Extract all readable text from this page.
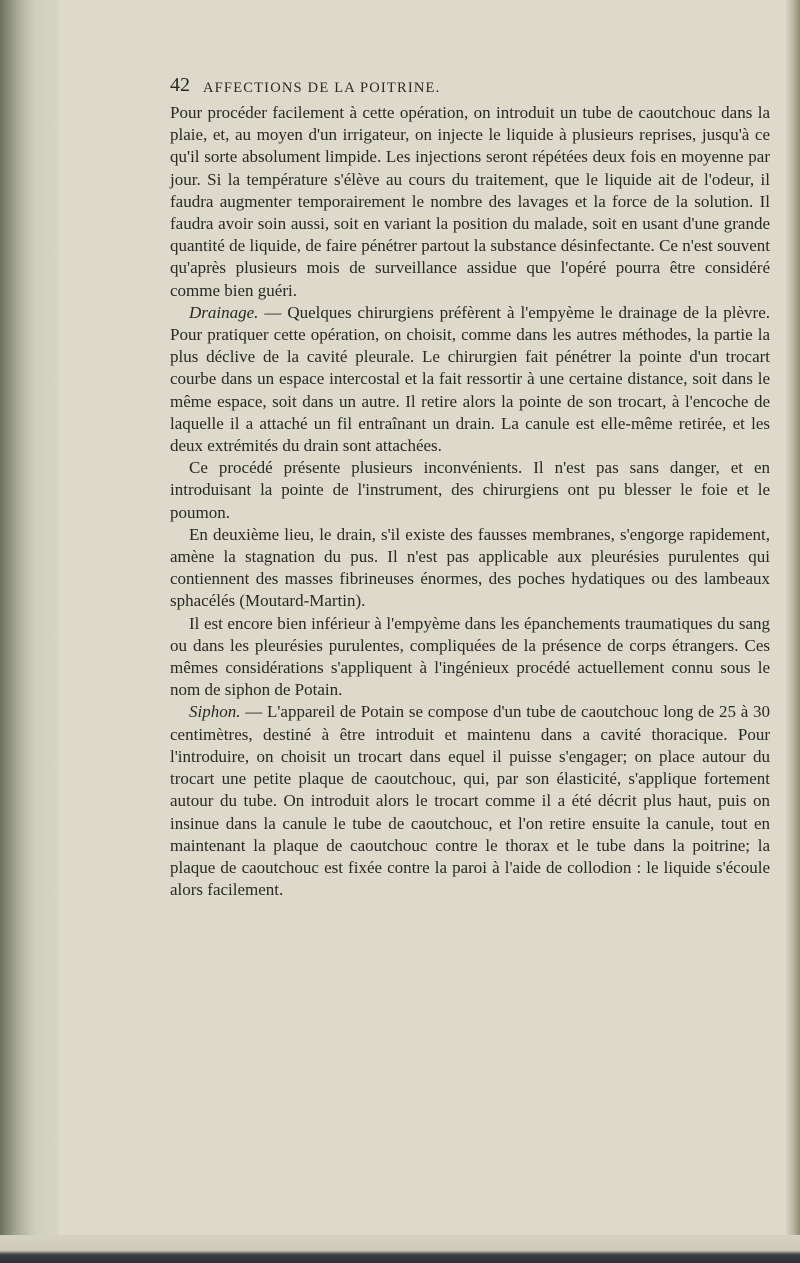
42 AFFECTIONS DE LA POITRINE.

Pour procéder facilement à cette opération, on introduit un tube de caoutchouc dans la plaie, et, au moyen d'un irrigateur, on injecte le liquide à plusieurs reprises, jusqu'à ce qu'il sorte absolument limpide. Les injections seront répétées deux fois en moyenne par jour. Si la température s'élève au cours du traitement, que le liquide ait de l'odeur, il faudra augmenter temporairement le nombre des lavages et la force de la solution. Il faudra avoir soin aussi, soit en variant la position du malade, soit en usant d'une grande quantité de liquide, de faire pénétrer partout la substance désinfectante. Ce n'est souvent qu'après plusieurs mois de surveillance assidue que l'opéré pourra être considéré comme bien guéri.

Drainage. — Quelques chirurgiens préfèrent à l'empyème le drainage de la plèvre. Pour pratiquer cette opération, on choisit, comme dans les autres méthodes, la partie la plus déclive de la cavité pleurale. Le chirurgien fait pénétrer la pointe d'un trocart courbe dans un espace intercostal et la fait ressortir à une certaine distance, soit dans le même espace, soit dans un autre. Il retire alors la pointe de son trocart, à l'encoche de laquelle il a attaché un fil entraînant un drain. La canule est elle-même retirée, et les deux extrémités du drain sont attachées.

Ce procédé présente plusieurs inconvénients. Il n'est pas sans danger, et en introduisant la pointe de l'instrument, des chirurgiens ont pu blesser le foie et le poumon.

En deuxième lieu, le drain, s'il existe des fausses membranes, s'engorge rapidement, amène la stagnation du pus. Il n'est pas applicable aux pleurésies purulentes qui contiennent des masses fibrineuses énormes, des poches hydatiques ou des lambeaux sphacélés (Moutard-Martin).

Il est encore bien inférieur à l'empyème dans les épanchements traumatiques du sang ou dans les pleurésies purulentes, compliquées de la présence de corps étrangers. Ces mêmes considérations s'appliquent à l'ingénieux procédé actuellement connu sous le nom de siphon de Potain.

Siphon. — L'appareil de Potain se compose d'un tube de caoutchouc long de 25 à 30 centimètres, destiné à être introduit et maintenu dans a cavité thoracique. Pour l'introduire, on choisit un trocart dans equel il puisse s'engager; on place autour du trocart une petite plaque de caoutchouc, qui, par son élasticité, s'applique fortement autour du tube. On introduit alors le trocart comme il a été décrit plus haut, puis on insinue dans la canule le tube de caoutchouc, et l'on retire ensuite la canule, tout en maintenant la plaque de caoutchouc contre le thorax et le tube dans la poitrine; la plaque de caoutchouc est fixée contre la paroi à l'aide de collodion : le liquide s'écoule alors facilement.
